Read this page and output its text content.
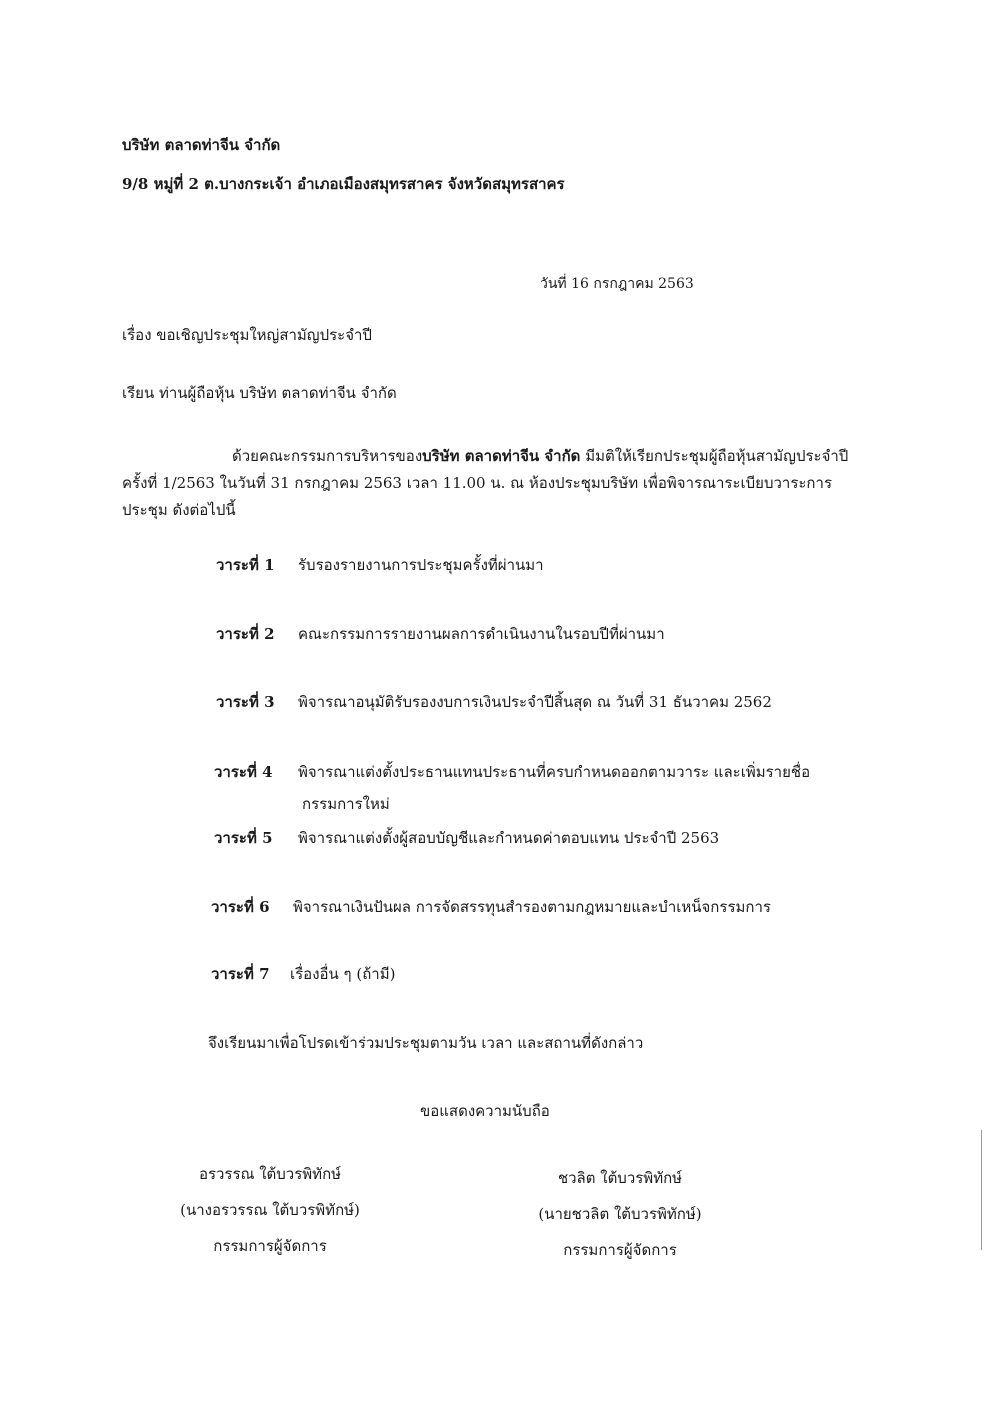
บริษัท ตลาดท่าจีน จำกัด
9/8 หมู่ที่ 2 ต.บางกระเจ้า อำเภอเมืองสมุทรสาคร จังหวัดสมุทรสาคร
วันที่ 16 กรกฎาคม 2563
เรื่อง ขอเชิญประชุมใหญ่สามัญประจำปี
เรียน ท่านผู้ถือหุ้น บริษัท ตลาดท่าจีน จำกัด
ด้วยคณะกรรมการบริหารของบริษัท ตลาดท่าจีน จำกัด มีมติให้เรียกประชุมผู้ถือหุ้นสามัญประจำปี ครั้งที่ 1/2563 ในวันที่ 31 กรกฎาคม 2563 เวลา 11.00 น. ณ ห้องประชุมบริษัท เพื่อพิจารณาระเบียบวาระการประชุม ดังต่อไปนี้
วาระที่ 1 รับรองรายงานการประชุมครั้งที่ผ่านมา
วาระที่ 2 คณะกรรมการรายงานผลการดำเนินงานในรอบปีที่ผ่านมา
วาระที่ 3 พิจารณาอนุมัติรับรองงบการเงินประจำปีสิ้นสุด ณ วันที่ 31 ธันวาคม 2562
วาระที่ 4 พิจารณาแต่งตั้งประธานแทนประธานที่ครบกำหนดออกตามวาระ และเพิ่มรายชื่อ
กรรมการใหม่
วาระที่ 5 พิจารณาแต่งตั้งผู้สอบบัญชีและกำหนดค่าตอบแทน ประจำปี 2563
วาระที่ 6 พิจารณาเงินปันผล การจัดสรรทุนสำรองตามกฎหมายและบำเหน็จกรรมการ
วาระที่ 7 เรื่องอื่น ๆ (ถ้ามี)
จึงเรียนมาเพื่อโปรดเข้าร่วมประชุมตามวัน เวลา และสถานที่ดังกล่าว
ขอแสดงความนับถือ
อรวรรณ ใต้บวรพิทักษ์
(นางอรวรรณ ใต้บวรพิทักษ์)
กรรมการผู้จัดการ
ชวลิต ใต้บวรพิทักษ์
(นายชวลิต ใต้บวรพิทักษ์)
กรรมการผู้จัดการ
